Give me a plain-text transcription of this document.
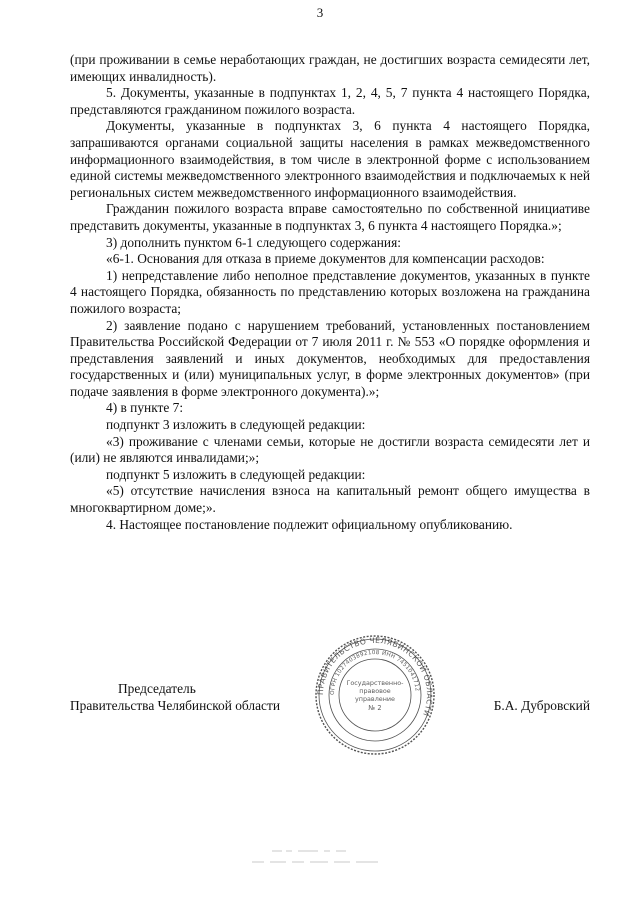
3

(при проживании в семье неработающих граждан, не достигших возраста семидесяти лет, имеющих инвалидность).

5. Документы, указанные в подпунктах 1, 2, 4, 5, 7 пункта 4 настоящего Порядка, представляются гражданином пожилого возраста.

Документы, указанные в подпунктах 3, 6 пункта 4 настоящего Порядка, запрашиваются органами социальной защиты населения в рамках межведомственного информационного взаимодействия, в том числе в электронной форме с использованием единой системы межведомственного электронного взаимодействия и подключаемых к ней региональных систем межведомственного информационного взаимодействия.

Гражданин пожилого возраста вправе самостоятельно по собственной инициативе представить документы, указанные в подпунктах 3, 6 пункта 4 настоящего Порядка.»;

3) дополнить пунктом 6-1 следующего содержания:

«6-1. Основания для отказа в приеме документов для компенсации расходов:

1) непредставление либо неполное представление документов, указанных в пункте 4 настоящего Порядка, обязанность по представлению которых возложена на гражданина пожилого возраста;

2) заявление подано с нарушением требований, установленных постановлением Правительства Российской Федерации от 7 июля 2011 г. № 553 «О порядке оформления и представления заявлений и иных документов, необходимых для предоставления государственных и (или) муниципальных услуг, в форме электронных документов» (при подаче заявления в форме электронного документа).»;

4) в пункте 7:

подпункт 3 изложить в следующей редакции:

«3) проживание с членами семьи, которые не достигли возраста семидесяти лет и (или) не являются инвалидами;»;

подпункт 5 изложить в следующей редакции:

«5) отсутствие начисления взноса на капитальный ремонт общего имущества в многоквартирном доме;».

4. Настоящее постановление подлежит официальному опубликованию.

Председатель
Правительства Челябинской области	Б.А. Дубровский
ПРАВИТЕЛЬСТВО ЧЕЛЯБИНСКОЙ ОБЛАСТИ
ОГРН 1027403892108 ИНН 7451041712
Государственно-
правовое
управление
№ 2
